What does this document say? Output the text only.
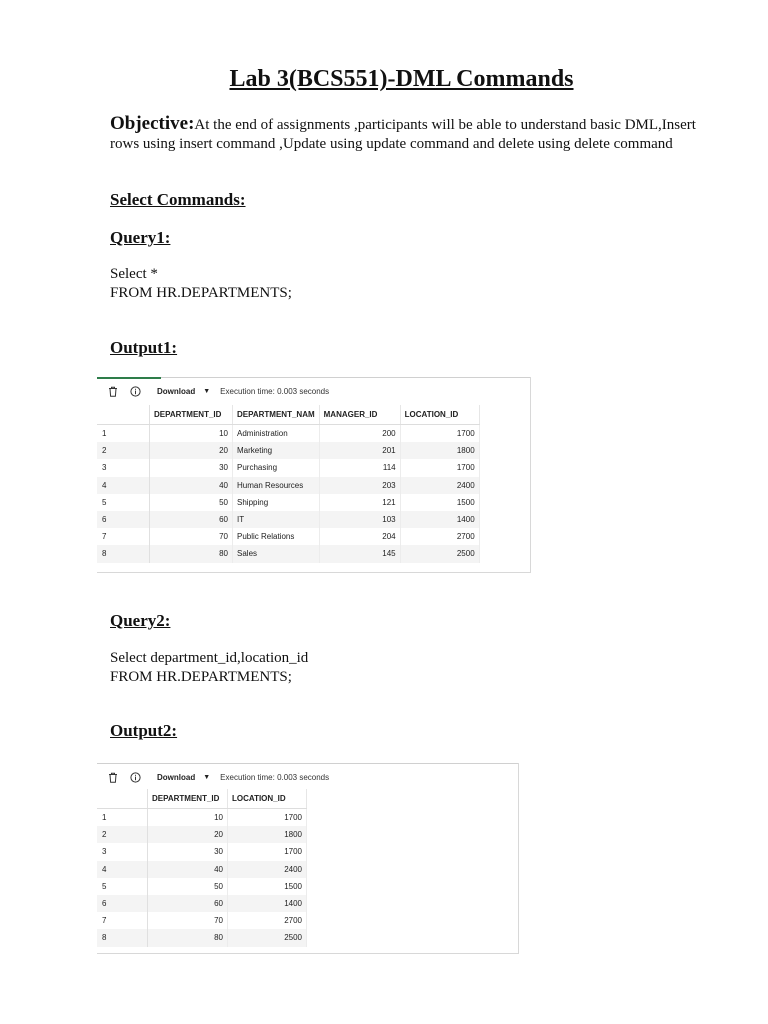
Lab 3(BCS551)-DML Commands
Objective:At the end of assignments ,participants will be able to understand basic DML,Insert rows using insert command ,Update using update command and delete using delete command
Select Commands:
Query1:
Select *
FROM HR.DEPARTMENTS;
Output1:
Download ▼ Execution time: 0.003 seconds
	DEPARTMENT_ID	DEPARTMENT_NAM	MANAGER_ID	LOCATION_ID
1	10	Administration	200	1700
2	20	Marketing	201	1800
3	30	Purchasing	114	1700
4	40	Human Resources	203	2400
5	50	Shipping	121	1500
6	60	IT	103	1400
7	70	Public Relations	204	2700
8	80	Sales	145	2500
Query2:
Select department_id,location_id
FROM HR.DEPARTMENTS;
Output2:
Download ▼ Execution time: 0.003 seconds
	DEPARTMENT_ID	LOCATION_ID
1	10	1700
2	20	1800
3	30	1700
4	40	2400
5	50	1500
6	60	1400
7	70	2700
8	80	2500
